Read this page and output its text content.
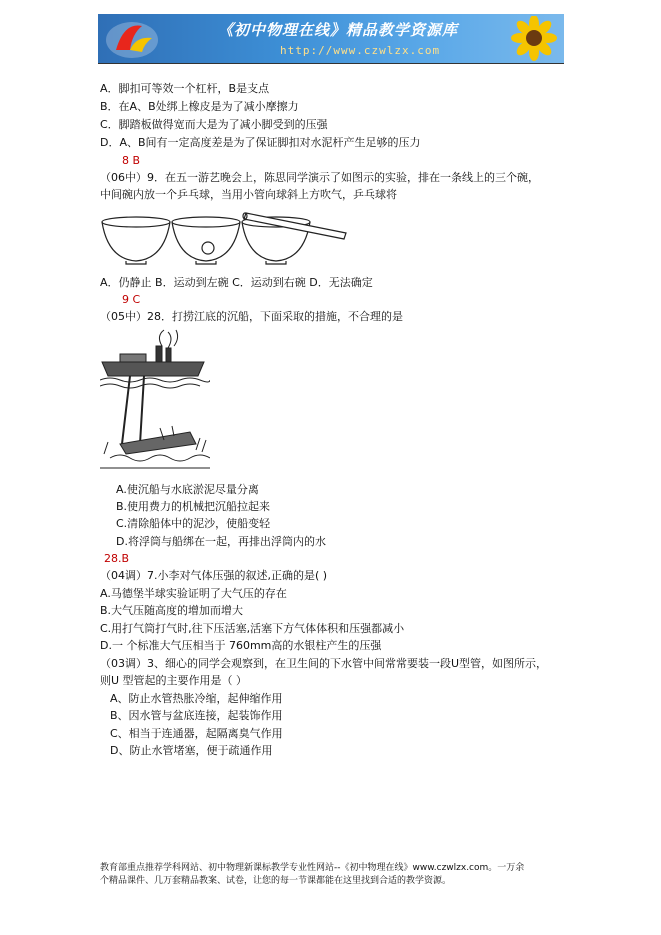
《初中物理在线》精品教学资源库
http://www.czwlzx.com
A．脚扣可等效一个杠杆，B是支点
B．在A、B处绑上橡皮是为了减小摩擦力
C．脚踏板做得宽而大是为了减小脚受到的压强
D．A、B间有一定高度差是为了保证脚扣对水泥杆产生足够的压力
8 B
（06中）9．在五一游艺晚会上，陈思同学演示了如图示的实验，排在一条线上的三个碗，
中间碗内放一个乒乓球，当用小管向球斜上方吹气，乒乓球将
A．仍静止 B．运动到左碗 C．运动到右碗 D．无法确定
9 C
（05中）28．打捞江底的沉船，下面采取的措施，不合理的是
A.使沉船与水底淤泥尽量分离
B.使用费力的机械把沉船拉起来
C.清除船体中的泥沙，使船变轻
D.将浮筒与船绑在一起，再排出浮筒内的水
28.B
（04调）7.小李对气体压强的叙述,正确的是( )
A.马德堡半球实验证明了大气压的存在
B.大气压随高度的增加而增大
C.用打气筒打气时,往下压活塞,活塞下方气体体积和压强都减小
D.一 个标准大气压相当于 760mm高的水银柱产生的压强
（03调）3、细心的同学会观察到，在卫生间的下水管中间常常要装一段U型管，如图所示，
则U 型管起的主要作用是（ ）
A、防止水管热胀冷缩，起伸缩作用
B、因水管与盆底连接，起装饰作用
C、相当于连通器，起隔离臭气作用
D、防止水管堵塞，便于疏通作用
教育部重点推荐学科网站、初中物理新课标教学专业性网站--《初中物理在线》www.czwlzx.com。一万余
个精品课件、几万套精品教案、试卷，让您的每一节课都能在这里找到合适的教学资源。
